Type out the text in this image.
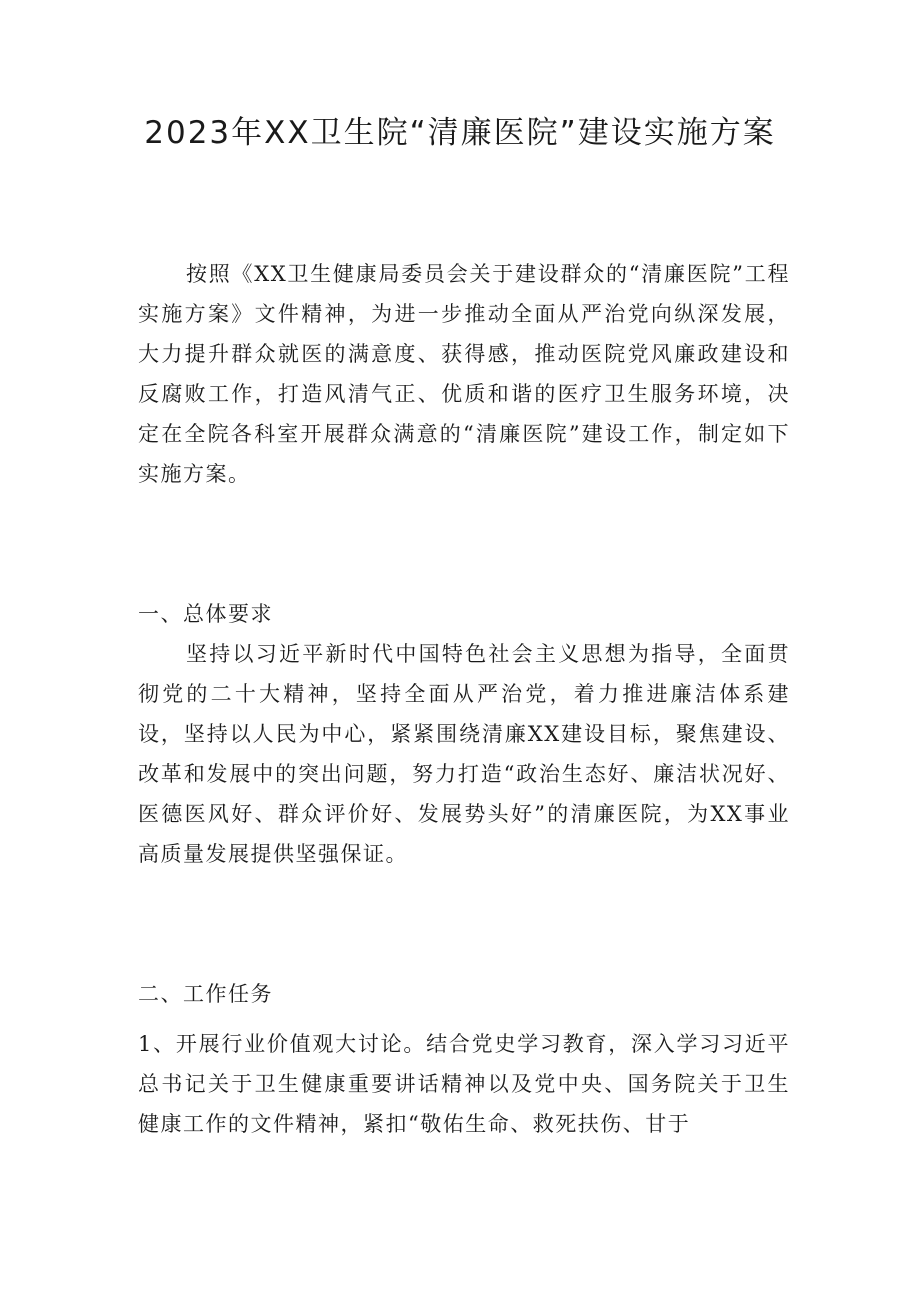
2023年XX卫生院“清廉医院”建设实施方案

按照《XX卫生健康局委员会关于建设群众的“清廉医院”工程实施方案》文件精神，为进一步推动全面从严治党向纵深发展，大力提升群众就医的满意度、获得感，推动医院党风廉政建设和反腐败工作，打造风清气正、优质和谐的医疗卫生服务环境，决定在全院各科室开展群众满意的“清廉医院”建设工作，制定如下实施方案。

一、总体要求

坚持以习近平新时代中国特色社会主义思想为指导，全面贯彻党的二十大精神，坚持全面从严治党，着力推进廉洁体系建设，坚持以人民为中心，紧紧围绕清廉XX建设目标，聚焦建设、改革和发展中的突出问题，努力打造“政治生态好、廉洁状况好、医德医风好、群众评价好、发展势头好”的清廉医院，为XX事业高质量发展提供坚强保证。

二、工作任务

1、开展行业价值观大讨论。结合党史学习教育，深入学习习近平总书记关于卫生健康重要讲话精神以及党中央、国务院关于卫生健康工作的文件精神，紧扣“敬佑生命、救死扶伤、甘于
